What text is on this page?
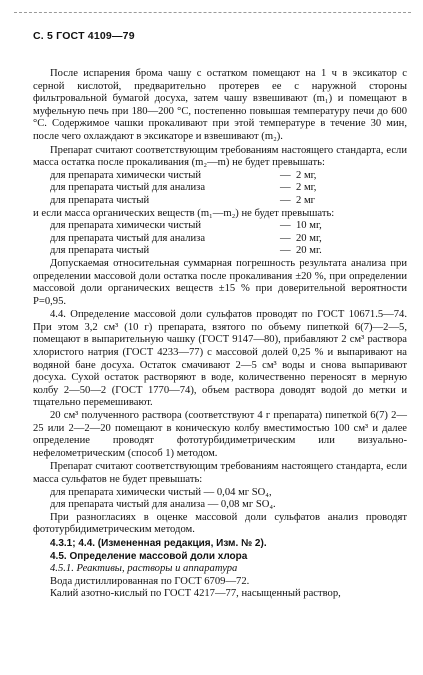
С. 5 ГОСТ 4109—79

После испарения брома чашу с остатком помещают на 1 ч в эксикатор с серной кислотой, предварительно протерев ее с наружной стороны фильтровальной бумагой досуха, затем чашу взвешивают (m₁) и помещают в муфельную печь при 180—200 °С, постепенно повышая температуру печи до 600 °С. Содержимое чашки прокаливают при этой температуре в течение 30 мин, после чего охлаждают в эксикаторе и взвешивают (m₂).

Препарат считают соответствующим требованиям настоящего стандарта, если масса остатка после прокаливания (m₂—m) не будет превышать:

для препарата химически чистый	— 2 мг,
для препарата чистый для анализа	— 2 мг,
для препарата чистый	— 2 мг

и если масса органических веществ (m₁—m₂) не будет превышать:

для препарата химически чистый	— 10 мг,
для препарата чистый для анализа	— 20 мг,
для препарата чистый	— 20 мг.

Допускаемая относительная суммарная погрешность результата анализа при определении массовой доли остатка после прокаливания ±20 %, при определении массовой доли органических веществ ±15 % при доверительной вероятности P=0,95.

4.4. Определение массовой доли сульфатов проводят по ГОСТ 10671.5—74. При этом 3,2 см³ (10 г) препарата, взятого по объему пипеткой 6(7)—2—5, помещают в выпарительную чашку (ГОСТ 9147—80), прибавляют 2 см³ раствора хлористого натрия (ГОСТ 4233—77) с массовой долей 0,25 % и выпаривают на водяной бане досуха. Остаток смачивают 2—5 см³ воды и снова выпаривают досуха. Сухой остаток растворяют в воде, количественно переносят в мерную колбу 2—50—2 (ГОСТ 1770—74), объем раствора доводят водой до метки и тщательно перемешивают.

20 см³ полученного раствора (соответствуют 4 г препарата) пипеткой 6(7) 2—25 или 2—2—20 помещают в коническую колбу вместимостью 100 см³ и далее определение проводят фототурбидиметрическим или визуально-нефелометрическим (способ 1) методом.

Препарат считают соответствующим требованиям настоящего стандарта, если масса сульфатов не будет превышать:

для препарата химически чистый — 0,04 мг SO₄,

для препарата чистый для анализа — 0,08 мг SO₄.

При разногласиях в оценке массовой доли сульфатов анализ проводят фототурбидиметрическим методом.

4.3.1; 4.4. (Измененная редакция, Изм. № 2).

4.5. Определение массовой доли хлора

4.5.1. Реактивы, растворы и аппаратура

Вода дистиллированная по ГОСТ 6709—72.

Калий азотно-кислый по ГОСТ 4217—77, насыщенный раствор,
